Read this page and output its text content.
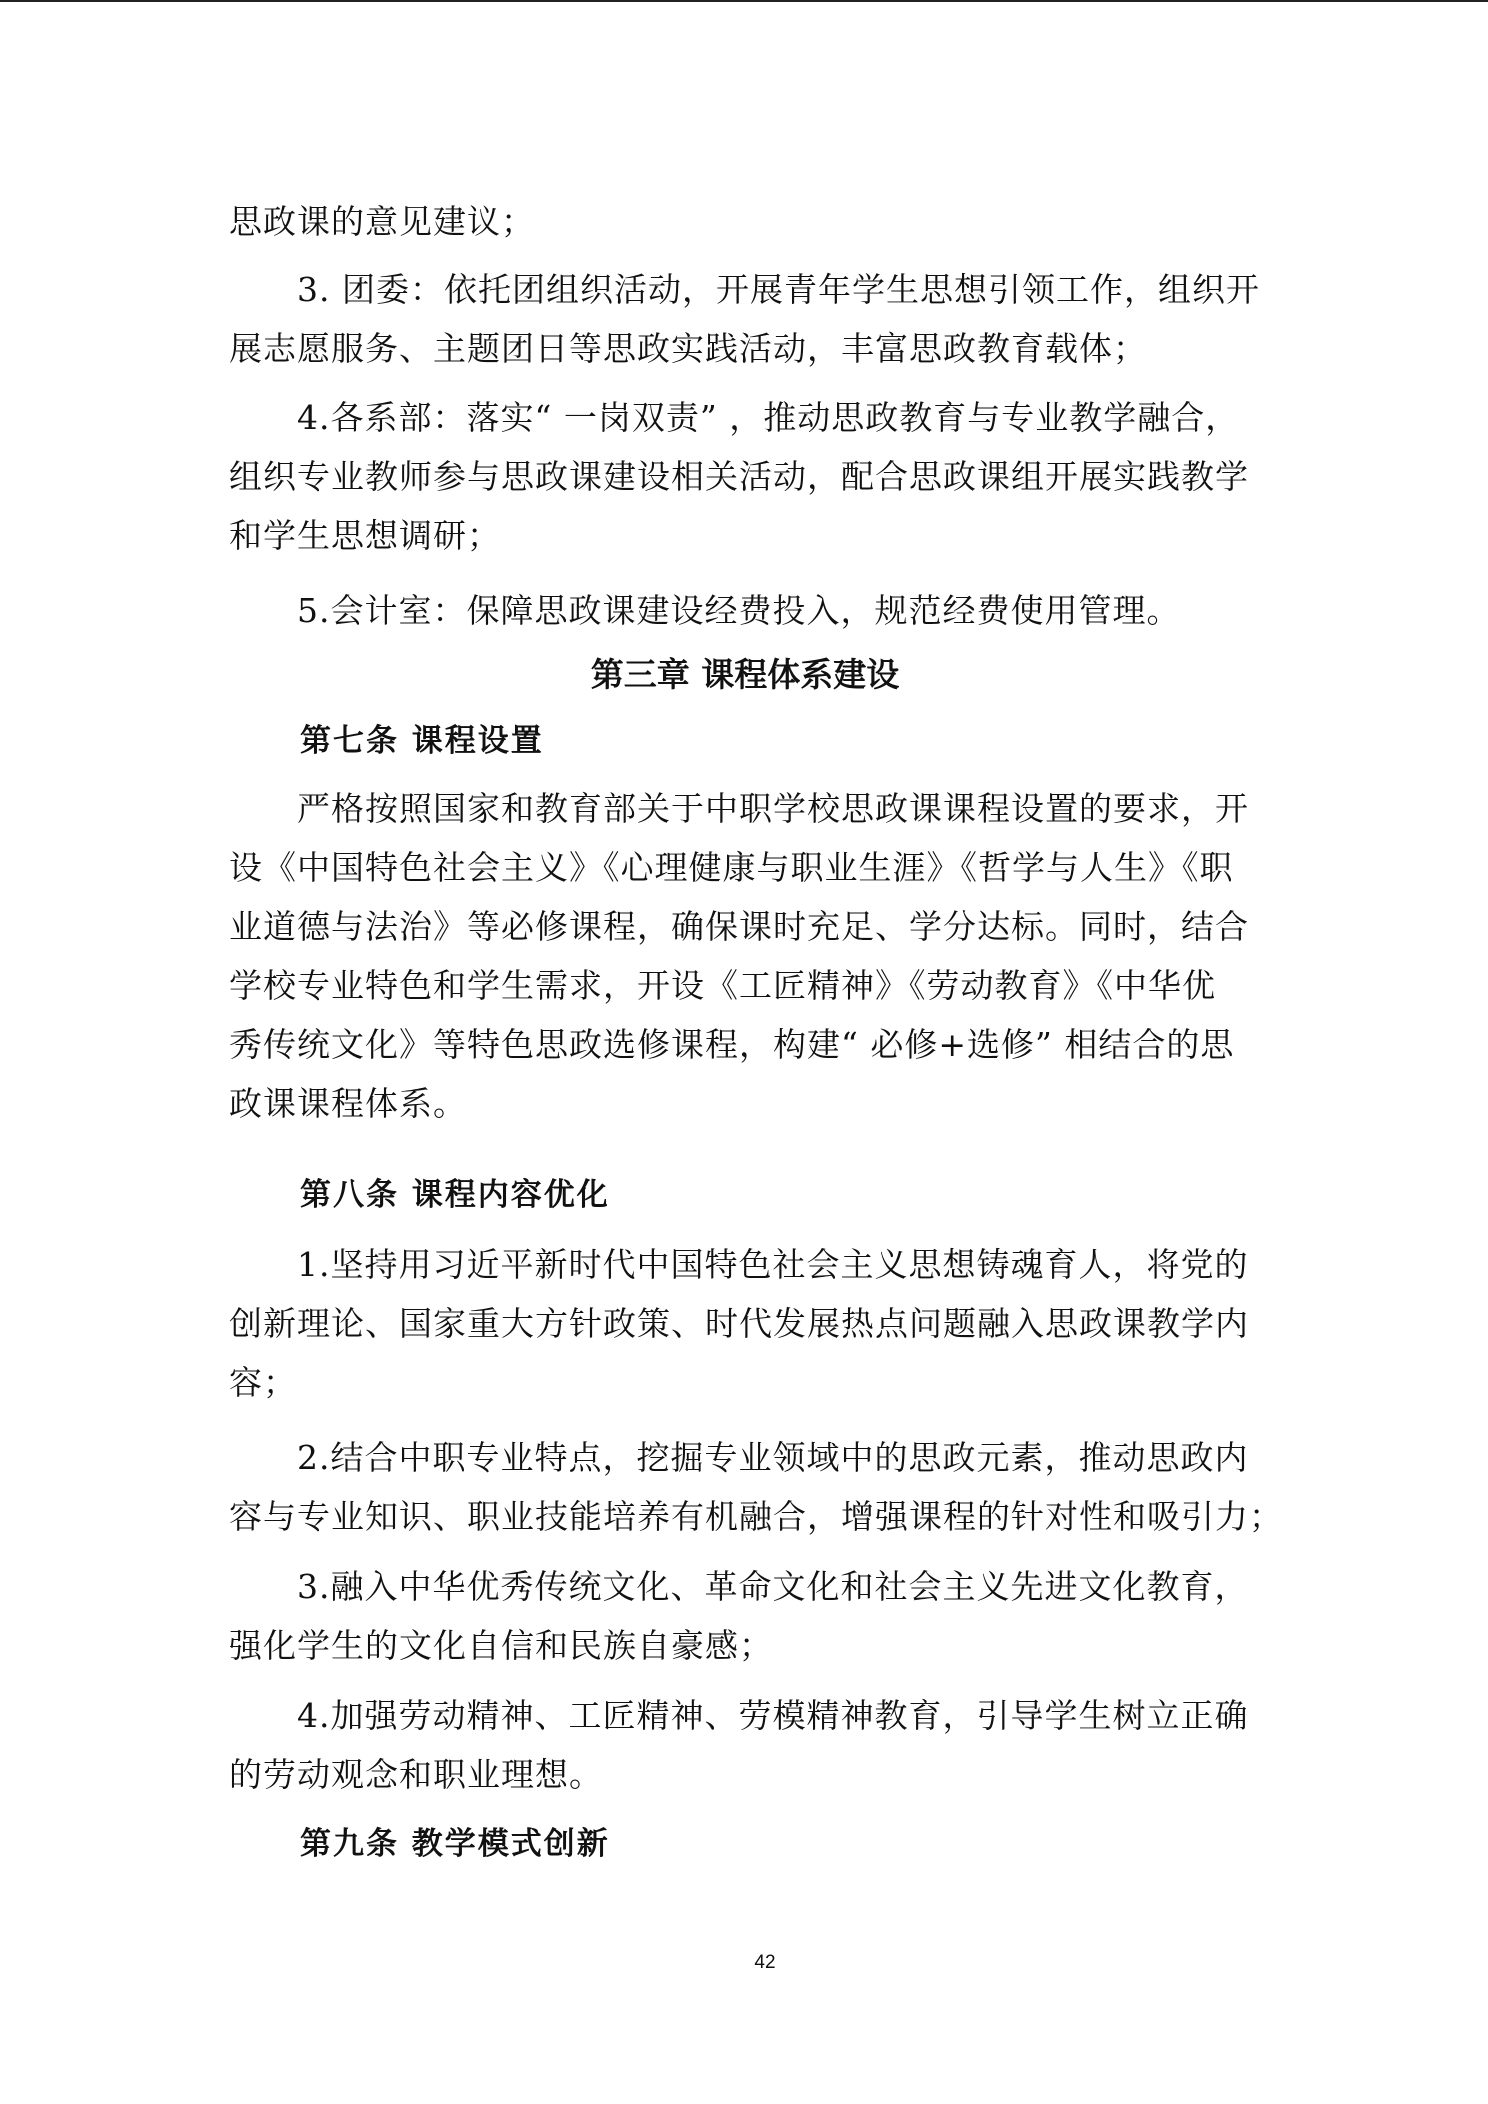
思政课的意见建议；

3. 团委：依托团组织活动，开展青年学生思想引领工作，组织开
展志愿服务、主题团日等思政实践活动，丰富思政教育载体；

4.各系部：落实“ 一岗双责” ，推动思政教育与专业教学融合，
组织专业教师参与思政课建设相关活动，配合思政课组开展实践教学
和学生思想调研；

5.会计室：保障思政课建设经费投入，规范经费使用管理。

第三章 课程体系建设
第七条 课程设置

严格按照国家和教育部关于中职学校思政课课程设置的要求，开
设《中国特色社会主义》《心理健康与职业生涯》《哲学与人生》《职
业道德与法治》等必修课程，确保课时充足、学分达标。同时，结合
学校专业特色和学生需求，开设《工匠精神》《劳动教育》《中华优
秀传统文化》等特色思政选修课程，构建“ 必修+选修” 相结合的思
政课课程体系。

第八条 课程内容优化

1.坚持用习近平新时代中国特色社会主义思想铸魂育人，将党的
创新理论、国家重大方针政策、时代发展热点问题融入思政课教学内
容；

2.结合中职专业特点，挖掘专业领域中的思政元素，推动思政内
容与专业知识、职业技能培养有机融合，增强课程的针对性和吸引力；

3.融入中华优秀传统文化、革命文化和社会主义先进文化教育，
强化学生的文化自信和民族自豪感；

4.加强劳动精神、工匠精神、劳模精神教育，引导学生树立正确
的劳动观念和职业理想。

第九条 教学模式创新
42
